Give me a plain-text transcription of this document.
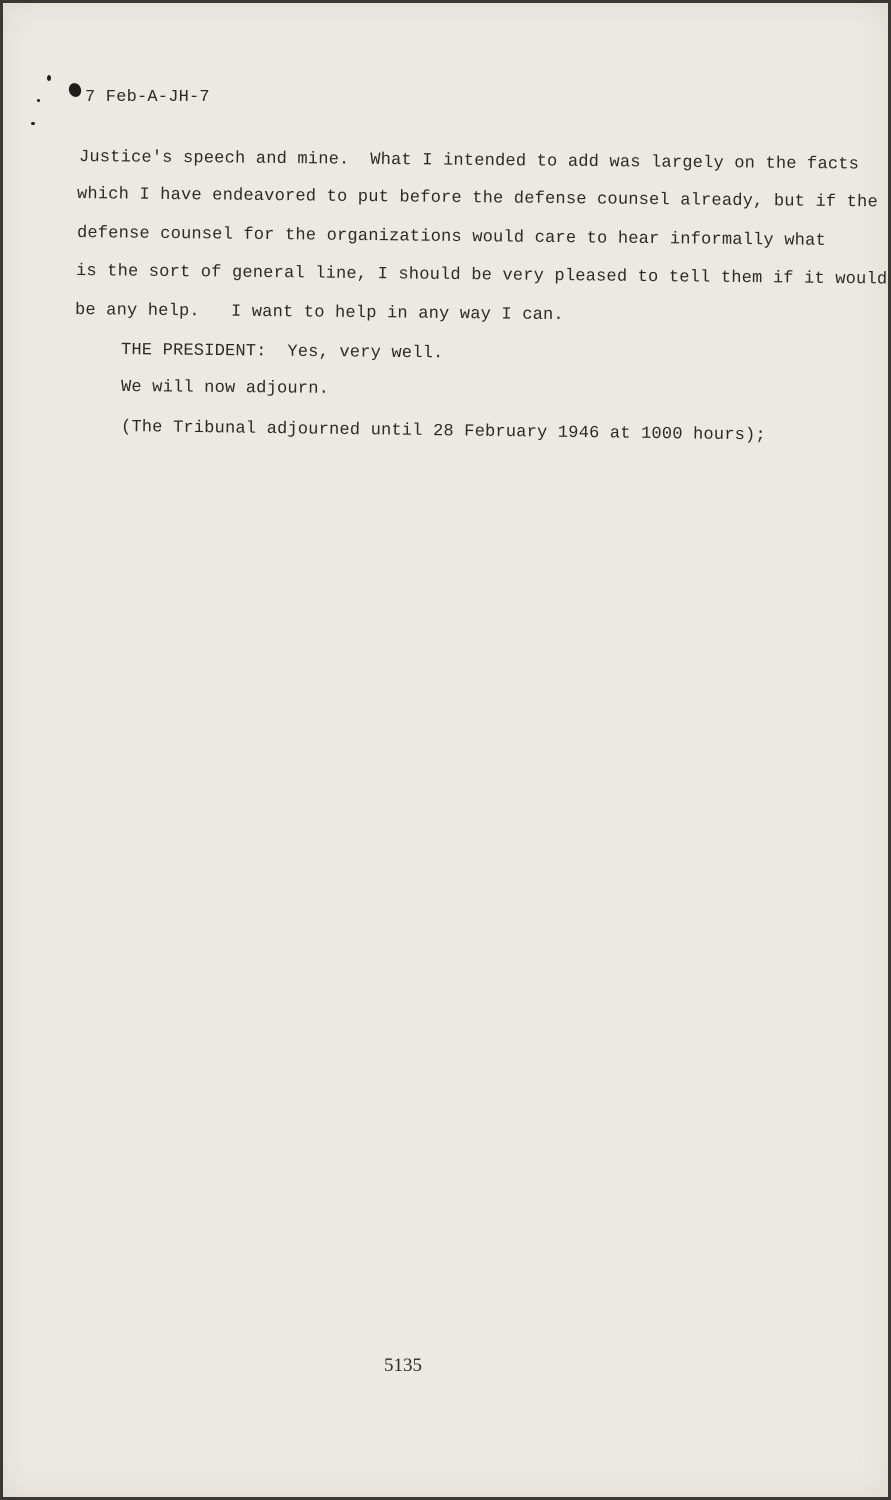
7 Feb-A-JH-7
Justice's speech and mine.  What I intended to add was largely on the facts
which I have endeavored to put before the defense counsel already, but if the
defense counsel for the organizations would care to hear informally what
is the sort of general line, I should be very pleased to tell them if it would
be any help.   I want to help in any way I can.
THE PRESIDENT:  Yes, very well.
We will now adjourn.
(The Tribunal adjourned until 28 February 1946 at 1000 hours);
5135
